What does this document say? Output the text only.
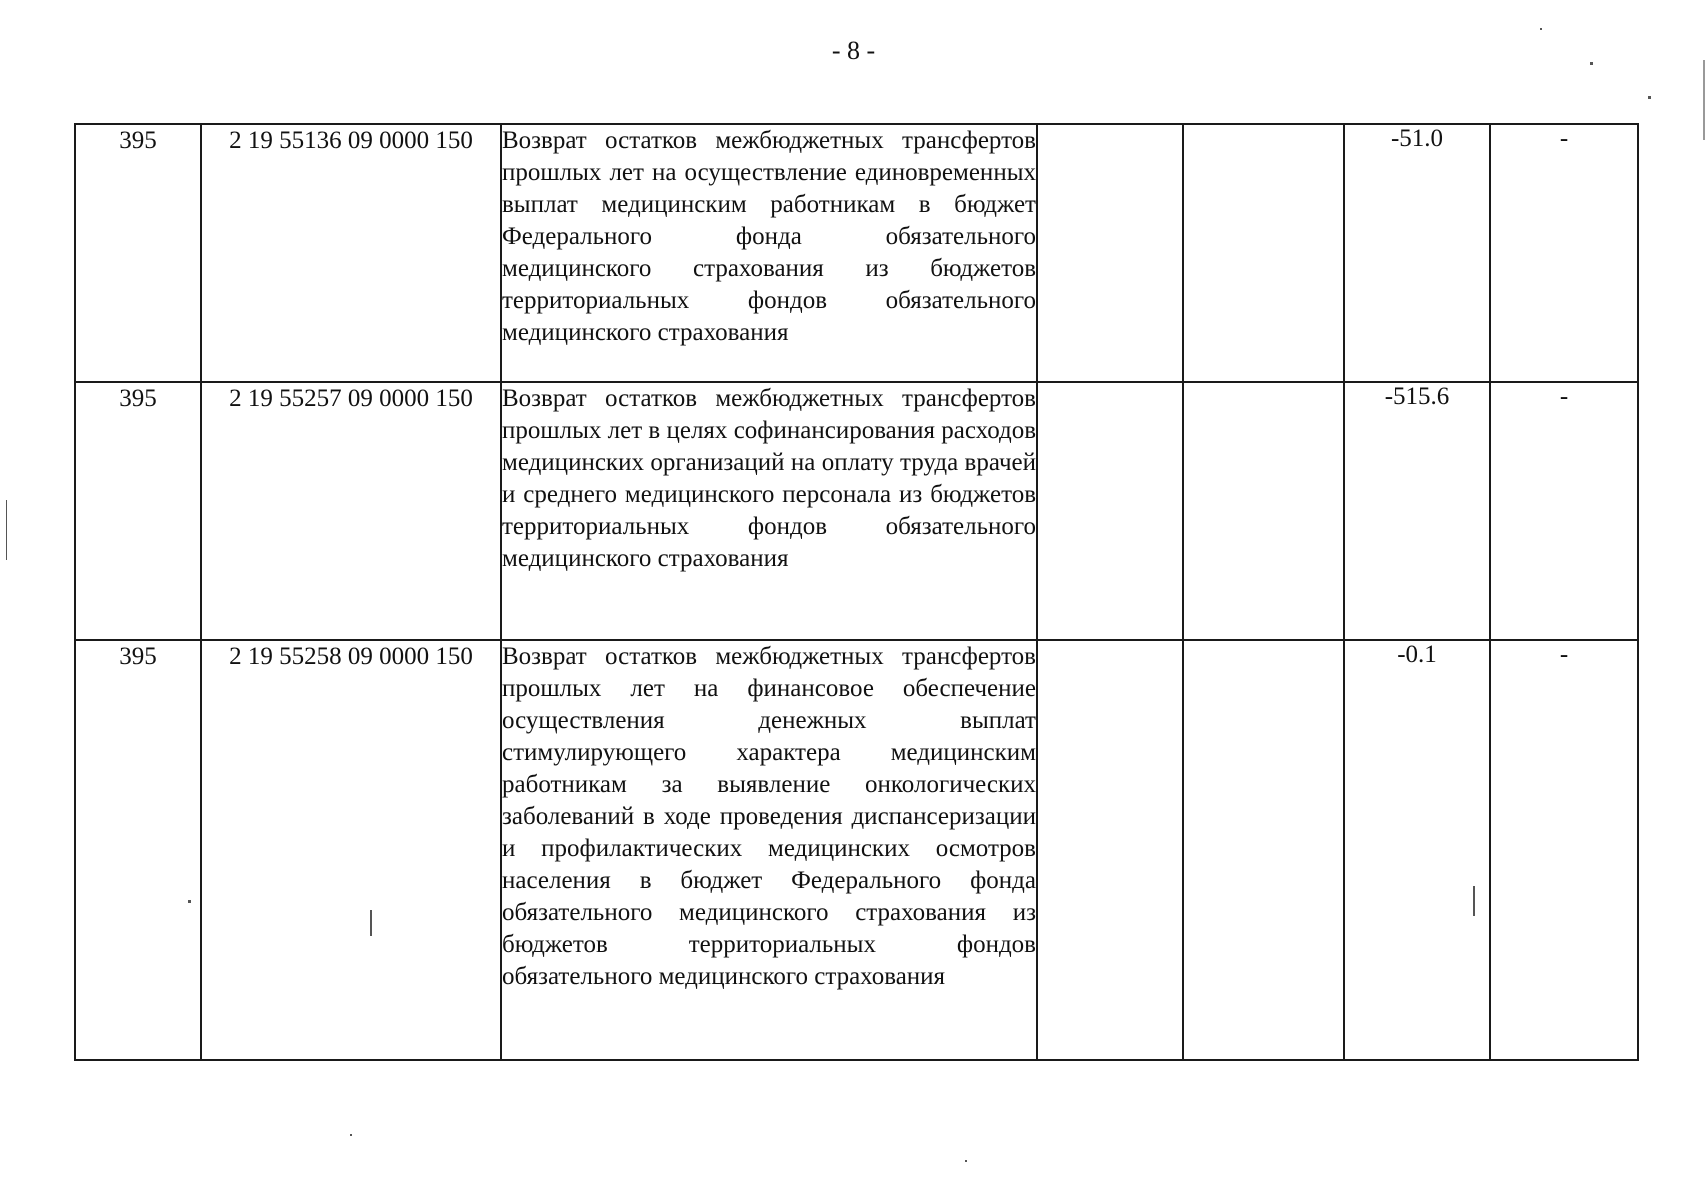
- 8 -
395	2 19 55136 09 0000 150	Возврат остатков межбюджетных трансфертов прошлых лет на осуществление единовременных выплат медицинским работникам в бюджет Федерального фонда обязательного медицинского страхования из бюджетов территориальных фондов обязательного медицинского страхования			-51.0	-
395	2 19 55257 09 0000 150	Возврат остатков межбюджетных трансфертов прошлых лет в целях софинансирования расходов медицинских организаций на оплату труда врачей и среднего медицинского персонала из бюджетов территориальных фондов обязательного медицинского страхования			-515.6	-
395	2 19 55258 09 0000 150	Возврат остатков межбюджетных трансфертов прошлых лет на финансовое обеспечение осуществления денежных выплат стимулирующего характера медицинским работникам за выявление онкологических заболеваний в ходе проведения диспансеризации и профилактических медицинских осмотров населения в бюджет Федерального фонда обязательного медицинского страхования из бюджетов территориальных фондов обязательного медицинского страхования			-0.1	-
